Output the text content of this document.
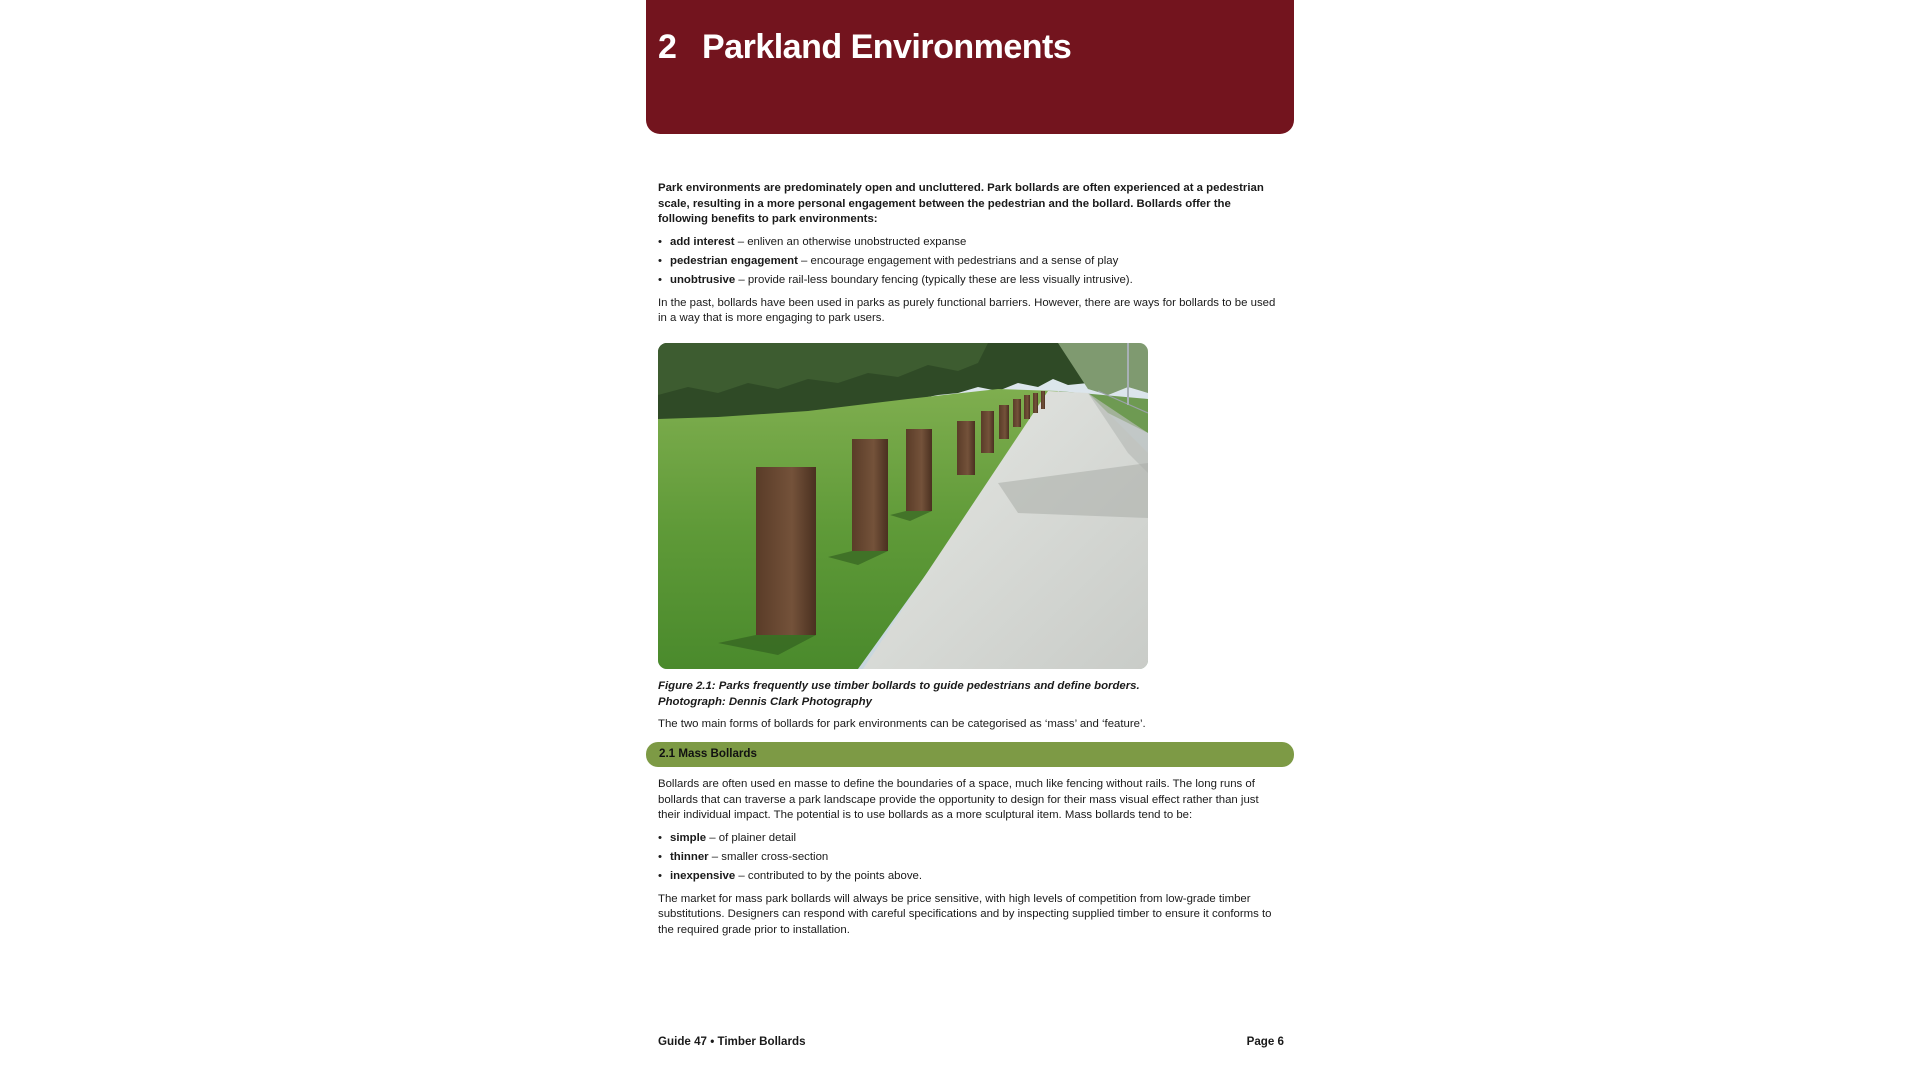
2 Parkland Environments

Park environments are predominately open and uncluttered. Park bollards are often experienced at a pedestrian scale, resulting in a more personal engagement between the pedestrian and the bollard. Bollards offer the following benefits to park environments:

• add interest – enliven an otherwise unobstructed expanse
• pedestrian engagement – encourage engagement with pedestrians and a sense of play
• unobtrusive – provide rail-less boundary fencing (typically these are less visually intrusive).

In the past, bollards have been used in parks as purely functional barriers. However, there are ways for bollards to be used in a way that is more engaging to park users.

Figure 2.1: Parks frequently use timber bollards to guide pedestrians and define borders.
Photograph: Dennis Clark Photography
The two main forms of bollards for park environments can be categorised as ‘mass’ and ‘feature’.
2.1 Mass Bollards

Bollards are often used en masse to define the boundaries of a space, much like fencing without rails. The long runs of bollards that can traverse a park landscape provide the opportunity to design for their mass visual effect rather than just their individual impact. The potential is to use bollards as a more sculptural item. Mass bollards tend to be:

• simple – of plainer detail
• thinner – smaller cross-section
• inexpensive – contributed to by the points above.

The market for mass park bollards will always be price sensitive, with high levels of competition from low-grade timber substitutions. Designers can respond with careful specifications and by inspecting supplied timber to ensure it conforms to the required grade prior to installation.

Guide 47 • Timber Bollards	Page 6
